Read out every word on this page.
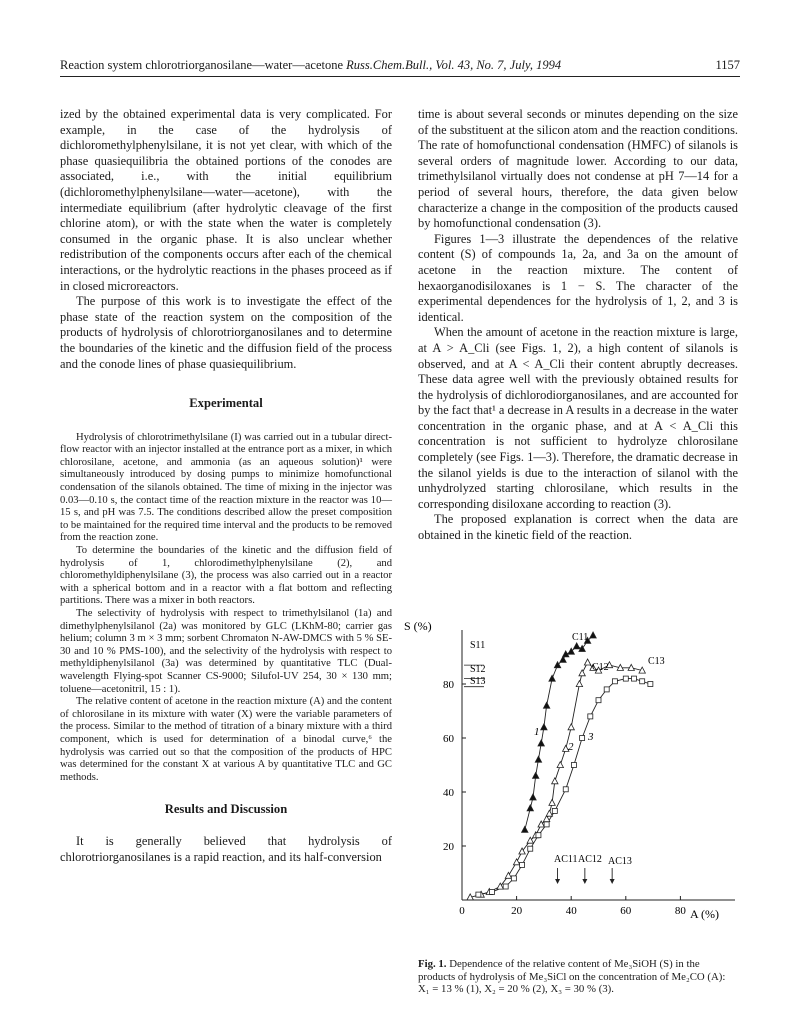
Reaction system chlorotriorganosilane—water—acetone Russ.Chem.Bull., Vol. 43, No. 7, July, 1994	1157

ized by the obtained experimental data is very complicated. For example, in the case of the hydrolysis of dichloromethylphenylsilane, it is not yet clear, with which of the phase quasiequilibria the obtained portions of the conodes are associated, i.e., with the initial equilibrium (dichloromethylphenylsilane—water—acetone), with the intermediate equilibrium (after hydrolytic cleavage of the first chlorine atom), or with the state when the water is completely consumed in the organic phase. It is also unclear whether redistribution of the components occurs after each of the chemical interactions, or the hydrolytic reactions in the phases proceed as if in closed microreactors.

The purpose of this work is to investigate the effect of the phase state of the reaction system on the composition of the products of hydrolysis of chlorotriorganosilanes and to determine the boundaries of the kinetic and the diffusion field of the process and the conode lines of phase quasiequilibrium.

Experimental

Hydrolysis of chlorotrimethylsilane (I) was carried out in a tubular direct-flow reactor with an injector installed at the entrance port as a mixer, in which chlorosilane, acetone, and ammonia (as an aqueous solution)¹ were simultaneously introduced by dosing pumps to minimize homofunctional condensation of the silanols obtained. The time of mixing in the injector was 0.03—0.10 s, the contact time of the reaction mixture in the reactor was 10—15 s, and pH was 7.5. The conditions described allow the preset composition to be maintained for the required time interval and the products to be removed from the reaction zone.

To determine the boundaries of the kinetic and the diffusion field of hydrolysis of 1, chlorodimethylphenylsilane (2), and chloromethyldiphenylsilane (3), the process was also carried out in a reactor with a spherical bottom and in a reactor with a flat bottom and reflecting partitions. There was a mixer in both reactors.

The selectivity of hydrolysis with respect to trimethylsilanol (1a) and dimethylphenylsilanol (2a) was monitored by GLC (LKhM-80; carrier gas helium; column 3 m × 3 mm; sorbent Chromaton N-AW-DMCS with 5 % SE-30 and 10 % PMS-100), and the selectivity of the hydrolysis with respect to methyldiphenylsilanol (3a) was determined by quantitative TLC (Dual-wavelength Flying-spot Scanner CS-9000; Silufol-UV 254, 30 × 130 mm; toluene—acetonitril, 15 : 1).

The relative content of acetone in the reaction mixture (A) and the content of chlorosilane in its mixture with water (X) were the variable parameters of the process. Similar to the method of titration of a binary mixture with a third component, which is used for determination of a binodal curve,⁶ the hydrolysis was carried out so that the composition of the products of HPC was determined for the constant X at various A by quantitative TLC and GC methods.

Results and Discussion

It is generally believed that hydrolysis of chlorotriorganosilanes is a rapid reaction, and its half-conversion

time is about several seconds or minutes depending on the size of the substituent at the silicon atom and the reaction conditions. The rate of homofunctional condensation (HMFC) of silanols is several orders of magnitude lower. According to our data, trimethylsilanol virtually does not condense at pH 7—14 for a period of several hours, therefore, the data given below characterize a change in the composition of the products caused by homofunctional condensation (3).

Figures 1—3 illustrate the dependences of the relative content (S) of compounds 1a, 2a, and 3a on the amount of acetone in the reaction mixture. The content of hexaorganodisiloxanes is 1 − S. The character of the experimental dependences for the hydrolysis of 1, 2, and 3 is identical.

When the amount of acetone in the reaction mixture is large, at A > A_Cli (see Figs. 1, 2), a high content of silanols is observed, and at A < A_Cli their content abruptly decreases. These data agree well with the previously obtained results for the hydrolysis of dichlorodiorganosilanes, and are accounted for by the fact that¹ a decrease in A results in a decrease in the water concentration in the organic phase, and at A < A_Cli this concentration is not sufficient to hydrolyze chlorosilane completely (see Figs. 1—3). Therefore, the dramatic decrease in the silanol yields is due to the interaction of silanol with the unhydrolyzed starting chlorosilane, which results in the corresponding disiloxane according to reaction (3).

The proposed explanation is correct when the data are obtained in the kinetic field of the reaction.

S (%)
A (%)
0	20	40	60	80
20
40
60
80
S11
S12
S13
C11
C12
C13
1
2
3
AC11 AC12 AC13
Fig. 1. Dependence of the relative content of Me₃SiOH (S) in the products of hydrolysis of Me₃SiCl on the concentration of Me₂CO (A): X₁ = 13 % (1), X₂ = 20 % (2), X₃ = 30 % (3).
